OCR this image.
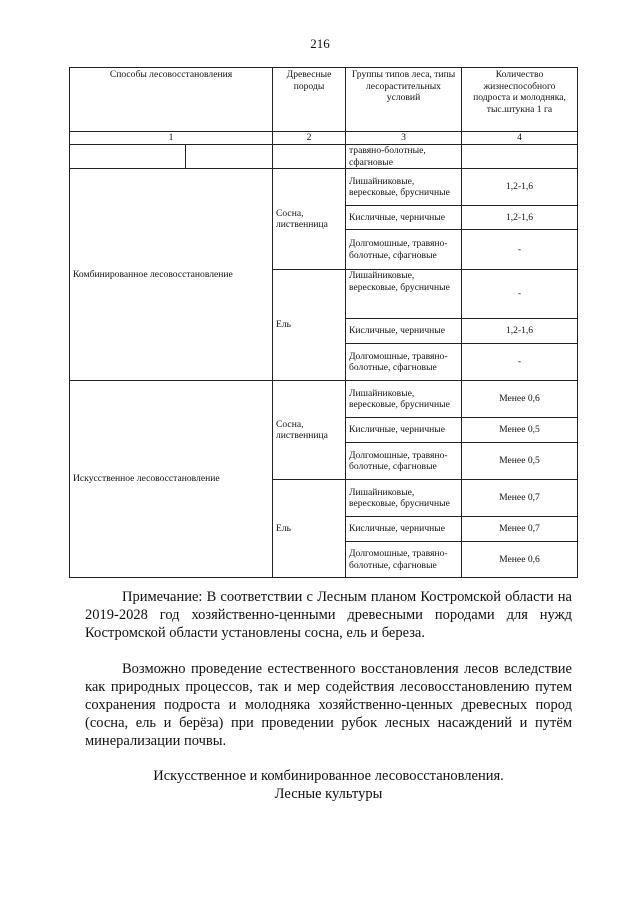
216
Способы лесовосстановления		Древесные породы	Группы типов леса, типы лесорастительных условий	Количество жизнеспособного подроста и молодняка, тыс.штукна 1 га
1		2	3	4
			травяно-болотные, сфагновые	
Комбинированное лесовосстановление		Сосна, лиственница	Лишайниковые, вересковые, брусничные	1,2-1,6
			Кисличные, черничные	1,2-1,6
			Долгомошные, травяно-болотные, сфагновые	-
		Ель	Лишайниковые, вересковые, брусничные	-
			Кисличные, черничные	1,2-1,6
			Долгомошные, травяно-болотные, сфагновые	-
Искусственное лесовосстановление		Сосна, лиственница	Лишайниковые, вересковые, брусничные	Менее 0,6
			Кисличные, черничные	Менее 0,5
			Долгомошные, травяно-болотные, сфагновые	Менее 0,5
		Ель	Лишайниковые, вересковые, брусничные	Менее 0,7
			Кисличные, черничные	Менее 0,7
			Долгомошные, травяно-болотные, сфагновые	Менее 0,6

Примечание: В соответствии с Лесным планом Костромской области на 2019-2028 год хозяйственно-ценными древесными породами для нужд Костромской области установлены сосна, ель и береза.

Возможно проведение естественного восстановления лесов вследствие как природных процессов, так и мер содействия лесовосстановлению путем сохранения подроста и молодняка хозяйственно-ценных древесных пород (сосна, ель и берёза) при проведении рубок лесных насаждений и путём минерализации почвы.

Искусственное и комбинированное лесовосстановления.
Лесные культуры
